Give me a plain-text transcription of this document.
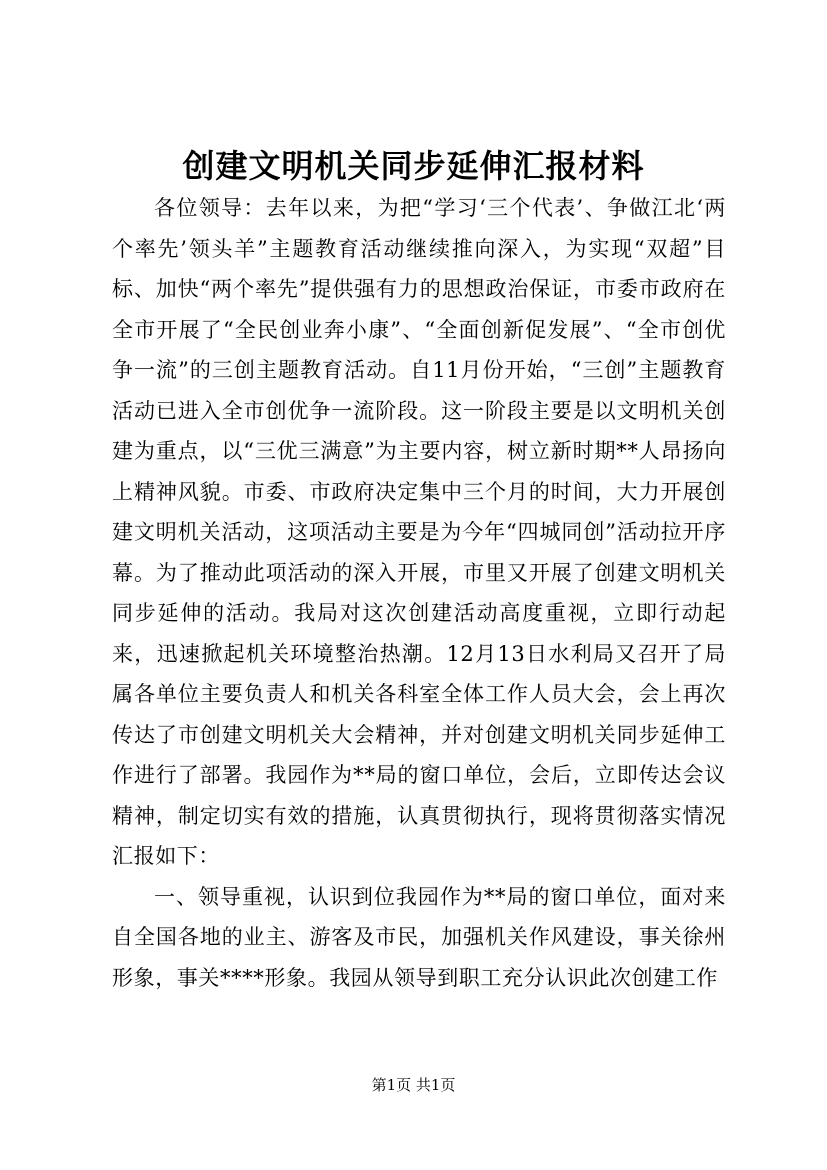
创建文明机关同步延伸汇报材料

各位领导：去年以来，为把“学习‘三个代表’、争做江北‘两个率先’领头羊”主题教育活动继续推向深入，为实现“双超”目标、加快“两个率先”提供强有力的思想政治保证，市委市政府在全市开展了“全民创业奔小康”、“全面创新促发展”、“全市创优争一流”的三创主题教育活动。自11月份开始，“三创”主题教育活动已进入全市创优争一流阶段。这一阶段主要是以文明机关创建为重点，以“三优三满意”为主要内容，树立新时期**人昂扬向上精神风貌。市委、市政府决定集中三个月的时间，大力开展创建文明机关活动，这项活动主要是为今年“四城同创”活动拉开序幕。为了推动此项活动的深入开展，市里又开展了创建文明机关同步延伸的活动。我局对这次创建活动高度重视，立即行动起来，迅速掀起机关环境整治热潮。12月13日水利局又召开了局属各单位主要负责人和机关各科室全体工作人员大会，会上再次传达了市创建文明机关大会精神，并对创建文明机关同步延伸工作进行了部署。我园作为**局的窗口单位，会后，立即传达会议精神，制定切实有效的措施，认真贯彻执行，现将贯彻落实情况汇报如下：

一、领导重视，认识到位我园作为**局的窗口单位，面对来自全国各地的业主、游客及市民，加强机关作风建设，事关徐州形象，事关****形象。我园从领导到职工充分认识此次创建工作

第1页 共1页
